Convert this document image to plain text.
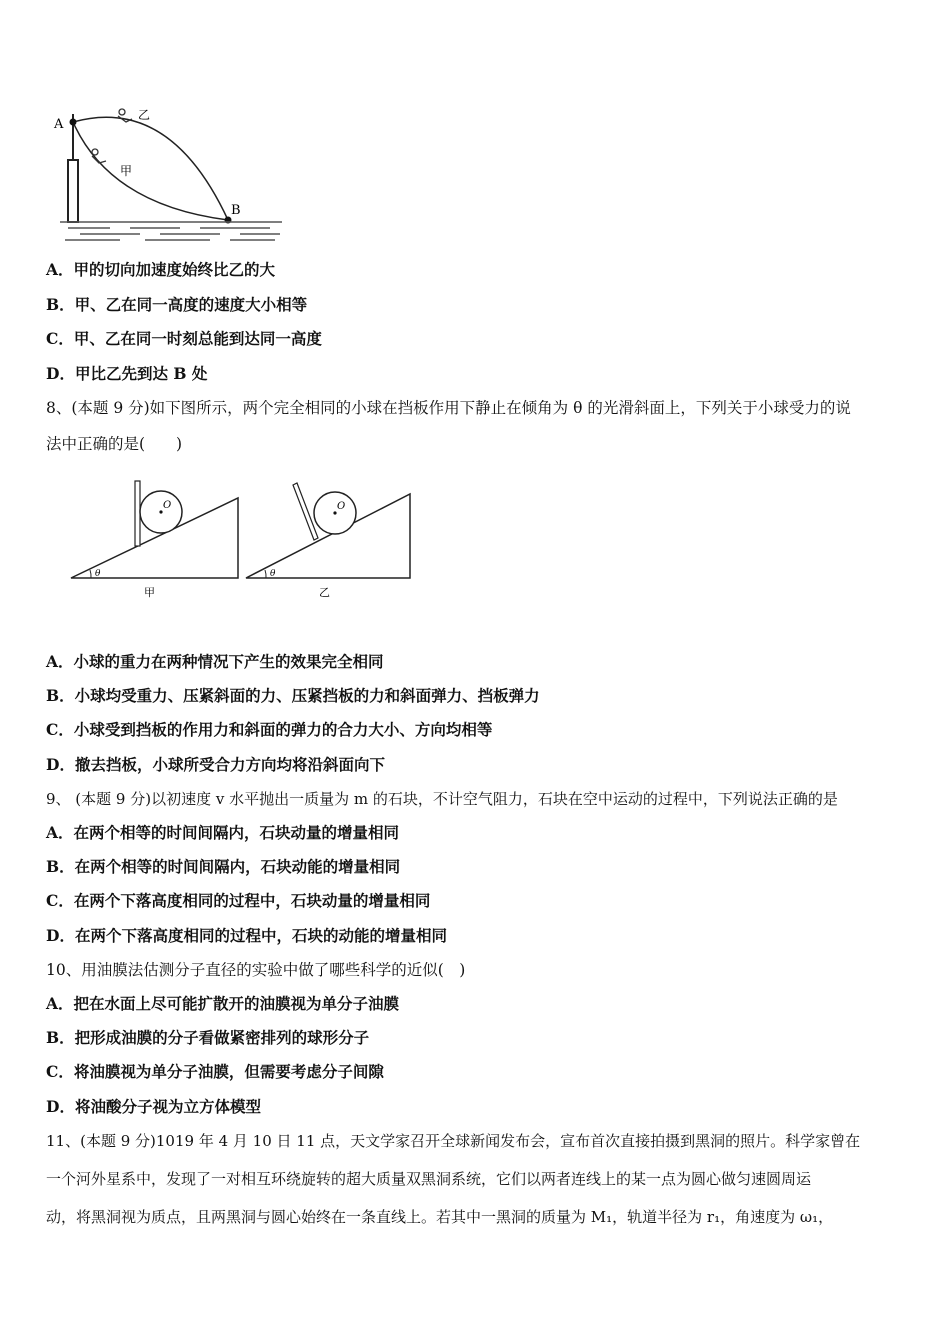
A
B
乙
甲
A．甲的切向加速度始终比乙的大
B．甲、乙在同一高度的速度大小相等
C．甲、乙在同一时刻总能到达同一高度
D．甲比乙先到达 B 处
8、(本题 9 分)如下图所示，两个完全相同的小球在挡板作用下静止在倾角为 θ 的光滑斜面上，下列关于小球受力的说
法中正确的是(　　)
O
θ
甲
O
θ
乙
A．小球的重力在两种情况下产生的效果完全相同
B．小球均受重力、压紧斜面的力、压紧挡板的力和斜面弹力、挡板弹力
C．小球受到挡板的作用力和斜面的弹力的合力大小、方向均相等
D．撤去挡板，小球所受合力方向均将沿斜面向下
9、 (本题 9 分)以初速度 v 水平抛出一质量为 m 的石块，不计空气阻力，石块在空中运动的过程中，下列说法正确的是
A．在两个相等的时间间隔内，石块动量的增量相同
B．在两个相等的时间间隔内，石块动能的增量相同
C．在两个下落高度相同的过程中，石块动量的增量相同
D．在两个下落高度相同的过程中，石块的动能的增量相同
10、用油膜法估测分子直径的实验中做了哪些科学的近似(　)
A．把在水面上尽可能扩散开的油膜视为单分子油膜
B．把形成油膜的分子看做紧密排列的球形分子
C．将油膜视为单分子油膜，但需要考虑分子间隙
D．将油酸分子视为立方体模型
11、(本题 9 分)1019 年 4 月 10 日 11 点，天文学家召开全球新闻发布会，宣布首次直接拍摄到黑洞的照片。科学家曾在
一个河外星系中，发现了一对相互环绕旋转的超大质量双黑洞系统，它们以两者连线上的某一点为圆心做匀速圆周运
动，将黑洞视为质点，且两黑洞与圆心始终在一条直线上。若其中一黑洞的质量为 M₁，轨道半径为 r₁，角速度为 ω₁，
